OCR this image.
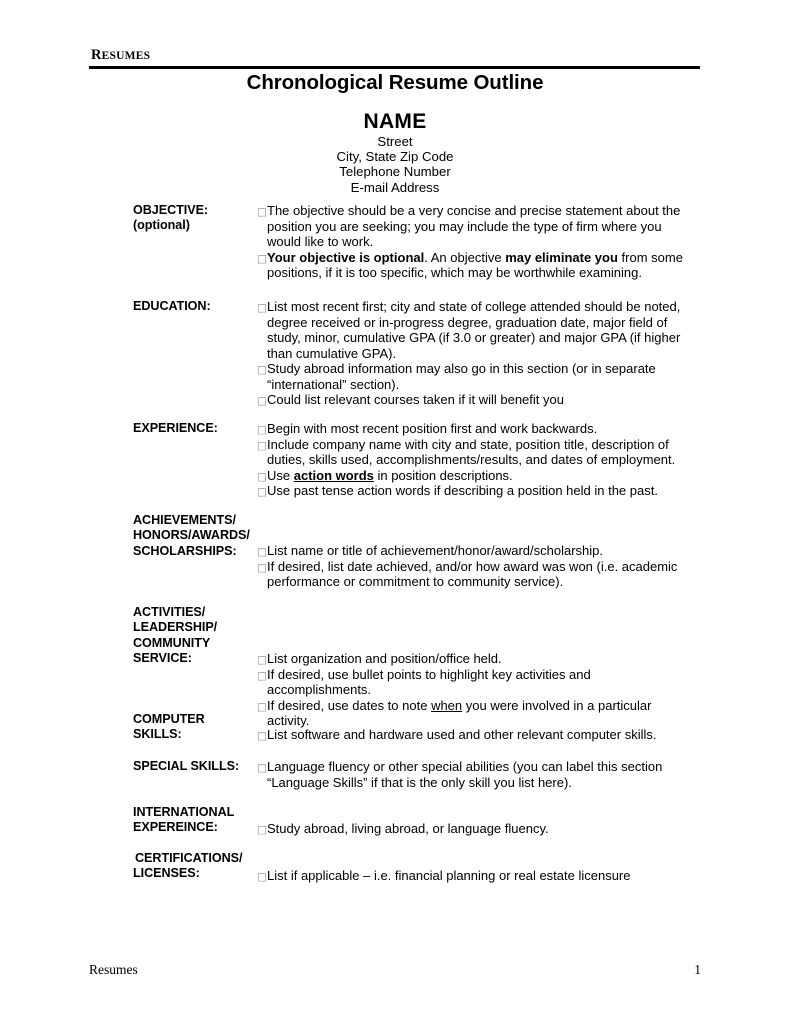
RESUMES
Chronological Resume Outline
NAME
Street
City, State Zip Code
Telephone Number
E-mail Address
OBJECTIVE:
(optional)

□The objective should be a very concise and precise statement about the position you are seeking; you may include the type of firm where you would like to work.

□Your objective is optional. An objective may eliminate you from some positions, if it is too specific, which may be worthwhile examining.

EDUCATION:	□List most recent first; city and state of college attended should be noted, degree received or in-progress degree, graduation date, major field of study, minor, cumulative GPA (if 3.0 or greater) and major GPA (if higher than cumulative GPA).

□Study abroad information may also go in this section (or in separate “international” section).

□Could list relevant courses taken if it will benefit you

EXPERIENCE:	□Begin with most recent position first and work backwards.

□Include company name with city and state, position title, description of duties, skills used, accomplishments/results, and dates of employment.

□Use action words in position descriptions.

□Use past tense action words if describing a position held in the past.

ACHIEVEMENTS/
HONORS/AWARDS/
SCHOLARSHIPS:	□List name or title of achievement/honor/award/scholarship.

□If desired, list date achieved, and/or how award was won (i.e. academic performance or commitment to community service).

ACTIVITIES/
LEADERSHIP/
COMMUNITY
SERVICE:	□List organization and position/office held.

□If desired, use bullet points to highlight key activities and accomplishments.

□If desired, use dates to note when you were involved in a particular activity.

COMPUTER
SKILLS:	□List software and hardware used and other relevant computer skills.

SPECIAL SKILLS:	□Language fluency or other special abilities (you can label this section “Language Skills” if that is the only skill you list here).

INTERNATIONAL
EXPEREINCE:	□Study abroad, living abroad, or language fluency.

CERTIFICATIONS/
LICENSES:	□List if applicable – i.e. financial planning or real estate licensure

Resumes	1
